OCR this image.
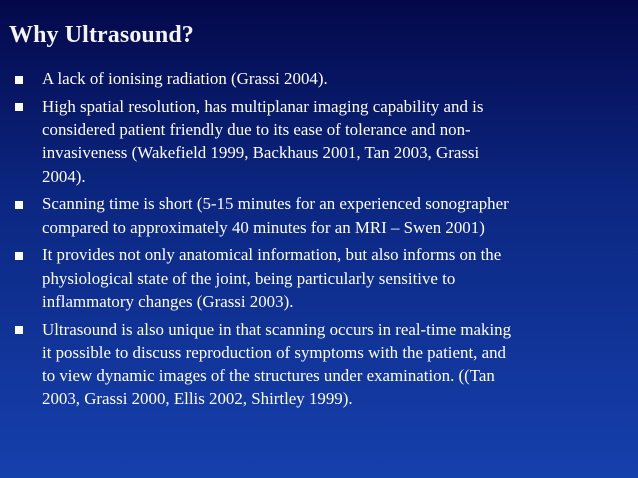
Why Ultrasound?
A lack of ionising radiation (Grassi 2004).
High spatial resolution, has multiplanar imaging capability and is
considered patient friendly due to its ease of tolerance and non-
invasiveness (Wakefield 1999, Backhaus 2001, Tan 2003, Grassi
2004).
Scanning time is short (5-15 minutes for an experienced sonographer
compared to approximately 40 minutes for an MRI – Swen 2001)
It provides not only anatomical information, but also informs on the
physiological state of the joint, being particularly sensitive to
inflammatory changes (Grassi 2003).
Ultrasound is also unique in that scanning occurs in real-time making
it possible to discuss reproduction of symptoms with the patient, and
to view dynamic images of the structures under examination. ((Tan
2003, Grassi 2000, Ellis 2002, Shirtley 1999).
